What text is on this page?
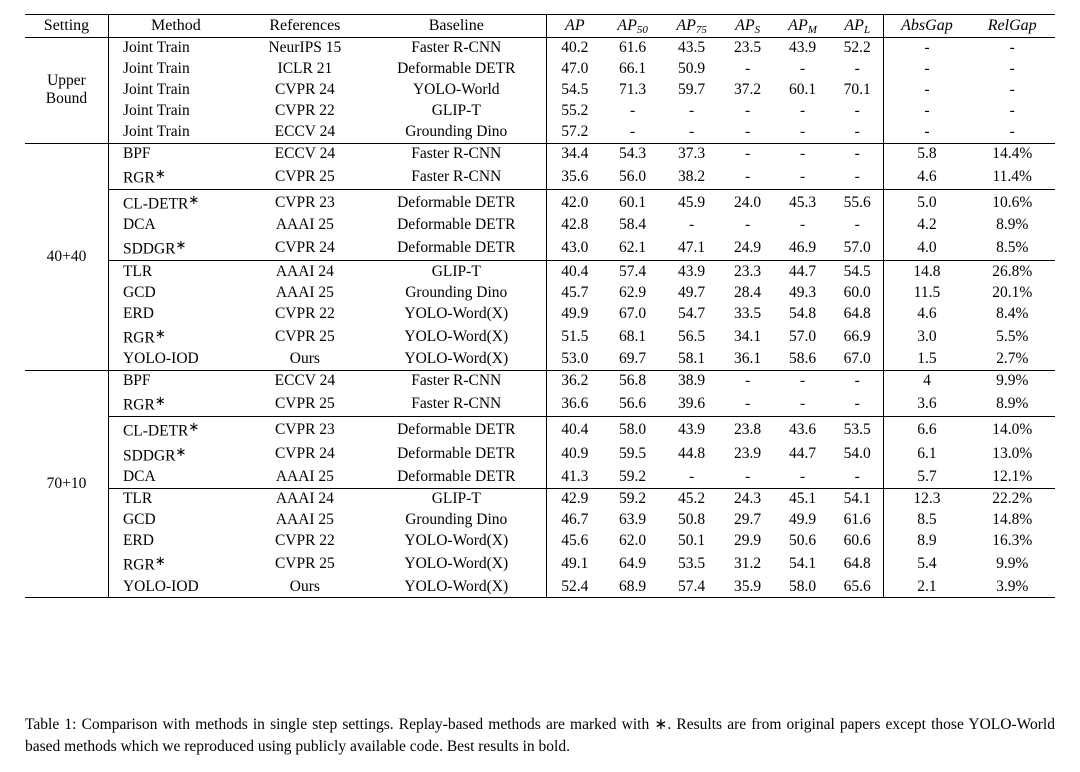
Setting	Method	References	Baseline	AP	$AP_{50}$	$AP_{75}$	$AP_S$	$AP_M$	$AP_L$	AbsGap	RelGap

Upper
Bound	Joint Train	NeurIPS 15	Faster R-CNN	40.2	61.6	43.5	23.5	43.9	52.2	-	-
	Joint Train	ICLR 21	Deformable DETR	47.0	66.1	50.9	-	-	-	-	-
	Joint Train	CVPR 24	YOLO-World	54.5	71.3	59.7	37.2	60.1	70.1	-	-
	Joint Train	CVPR 22	GLIP-T	55.2	-	-	-	-	-	-	-
	Joint Train	ECCV 24	Grounding Dino	57.2	-	-	-	-	-	-	-

40+40	BPF	ECCV 24	Faster R-CNN	34.4	54.3	37.3	-	-	-	5.8	14.4%
	RGR∗	CVPR 25	Faster R-CNN	35.6	56.0	38.2	-	-	-	4.6	11.4%
	CL-DETR∗	CVPR 23	Deformable DETR	42.0	60.1	45.9	24.0	45.3	55.6	5.0	10.6%
	DCA	AAAI 25	Deformable DETR	42.8	58.4	-	-	-	-	4.2	8.9%
	SDDGR∗	CVPR 24	Deformable DETR	43.0	62.1	47.1	24.9	46.9	57.0	4.0	8.5%
	TLR	AAAI 24	GLIP-T	40.4	57.4	43.9	23.3	44.7	54.5	14.8	26.8%
	GCD	AAAI 25	Grounding Dino	45.7	62.9	49.7	28.4	49.3	60.0	11.5	20.1%
	ERD	CVPR 22	YOLO-Word(X)	49.9	67.0	54.7	33.5	54.8	64.8	4.6	8.4%
	RGR∗	CVPR 25	YOLO-Word(X)	51.5	68.1	56.5	34.1	57.0	66.9	3.0	5.5%
	YOLO-IOD	Ours	YOLO-Word(X)	53.0	69.7	58.1	36.1	58.6	67.0	1.5	2.7%

70+10	BPF	ECCV 24	Faster R-CNN	36.2	56.8	38.9	-	-	-	4	9.9%
	RGR∗	CVPR 25	Faster R-CNN	36.6	56.6	39.6	-	-	-	3.6	8.9%
	CL-DETR∗	CVPR 23	Deformable DETR	40.4	58.0	43.9	23.8	43.6	53.5	6.6	14.0%
	SDDGR∗	CVPR 24	Deformable DETR	40.9	59.5	44.8	23.9	44.7	54.0	6.1	13.0%
	DCA	AAAI 25	Deformable DETR	41.3	59.2	-	-	-	-	5.7	12.1%
	TLR	AAAI 24	GLIP-T	42.9	59.2	45.2	24.3	45.1	54.1	12.3	22.2%
	GCD	AAAI 25	Grounding Dino	46.7	63.9	50.8	29.7	49.9	61.6	8.5	14.8%
	ERD	CVPR 22	YOLO-Word(X)	45.6	62.0	50.1	29.9	50.6	60.6	8.9	16.3%
	RGR∗	CVPR 25	YOLO-Word(X)	49.1	64.9	53.5	31.2	54.1	64.8	5.4	9.9%
	YOLO-IOD	Ours	YOLO-Word(X)	52.4	68.9	57.4	35.9	58.0	65.6	2.1	3.9%

Table 1: Comparison with methods in single step settings. Replay-based methods are marked with ∗. Results are from original papers except those YOLO-World based methods which we reproduced using publicly available code. Best results in bold.
